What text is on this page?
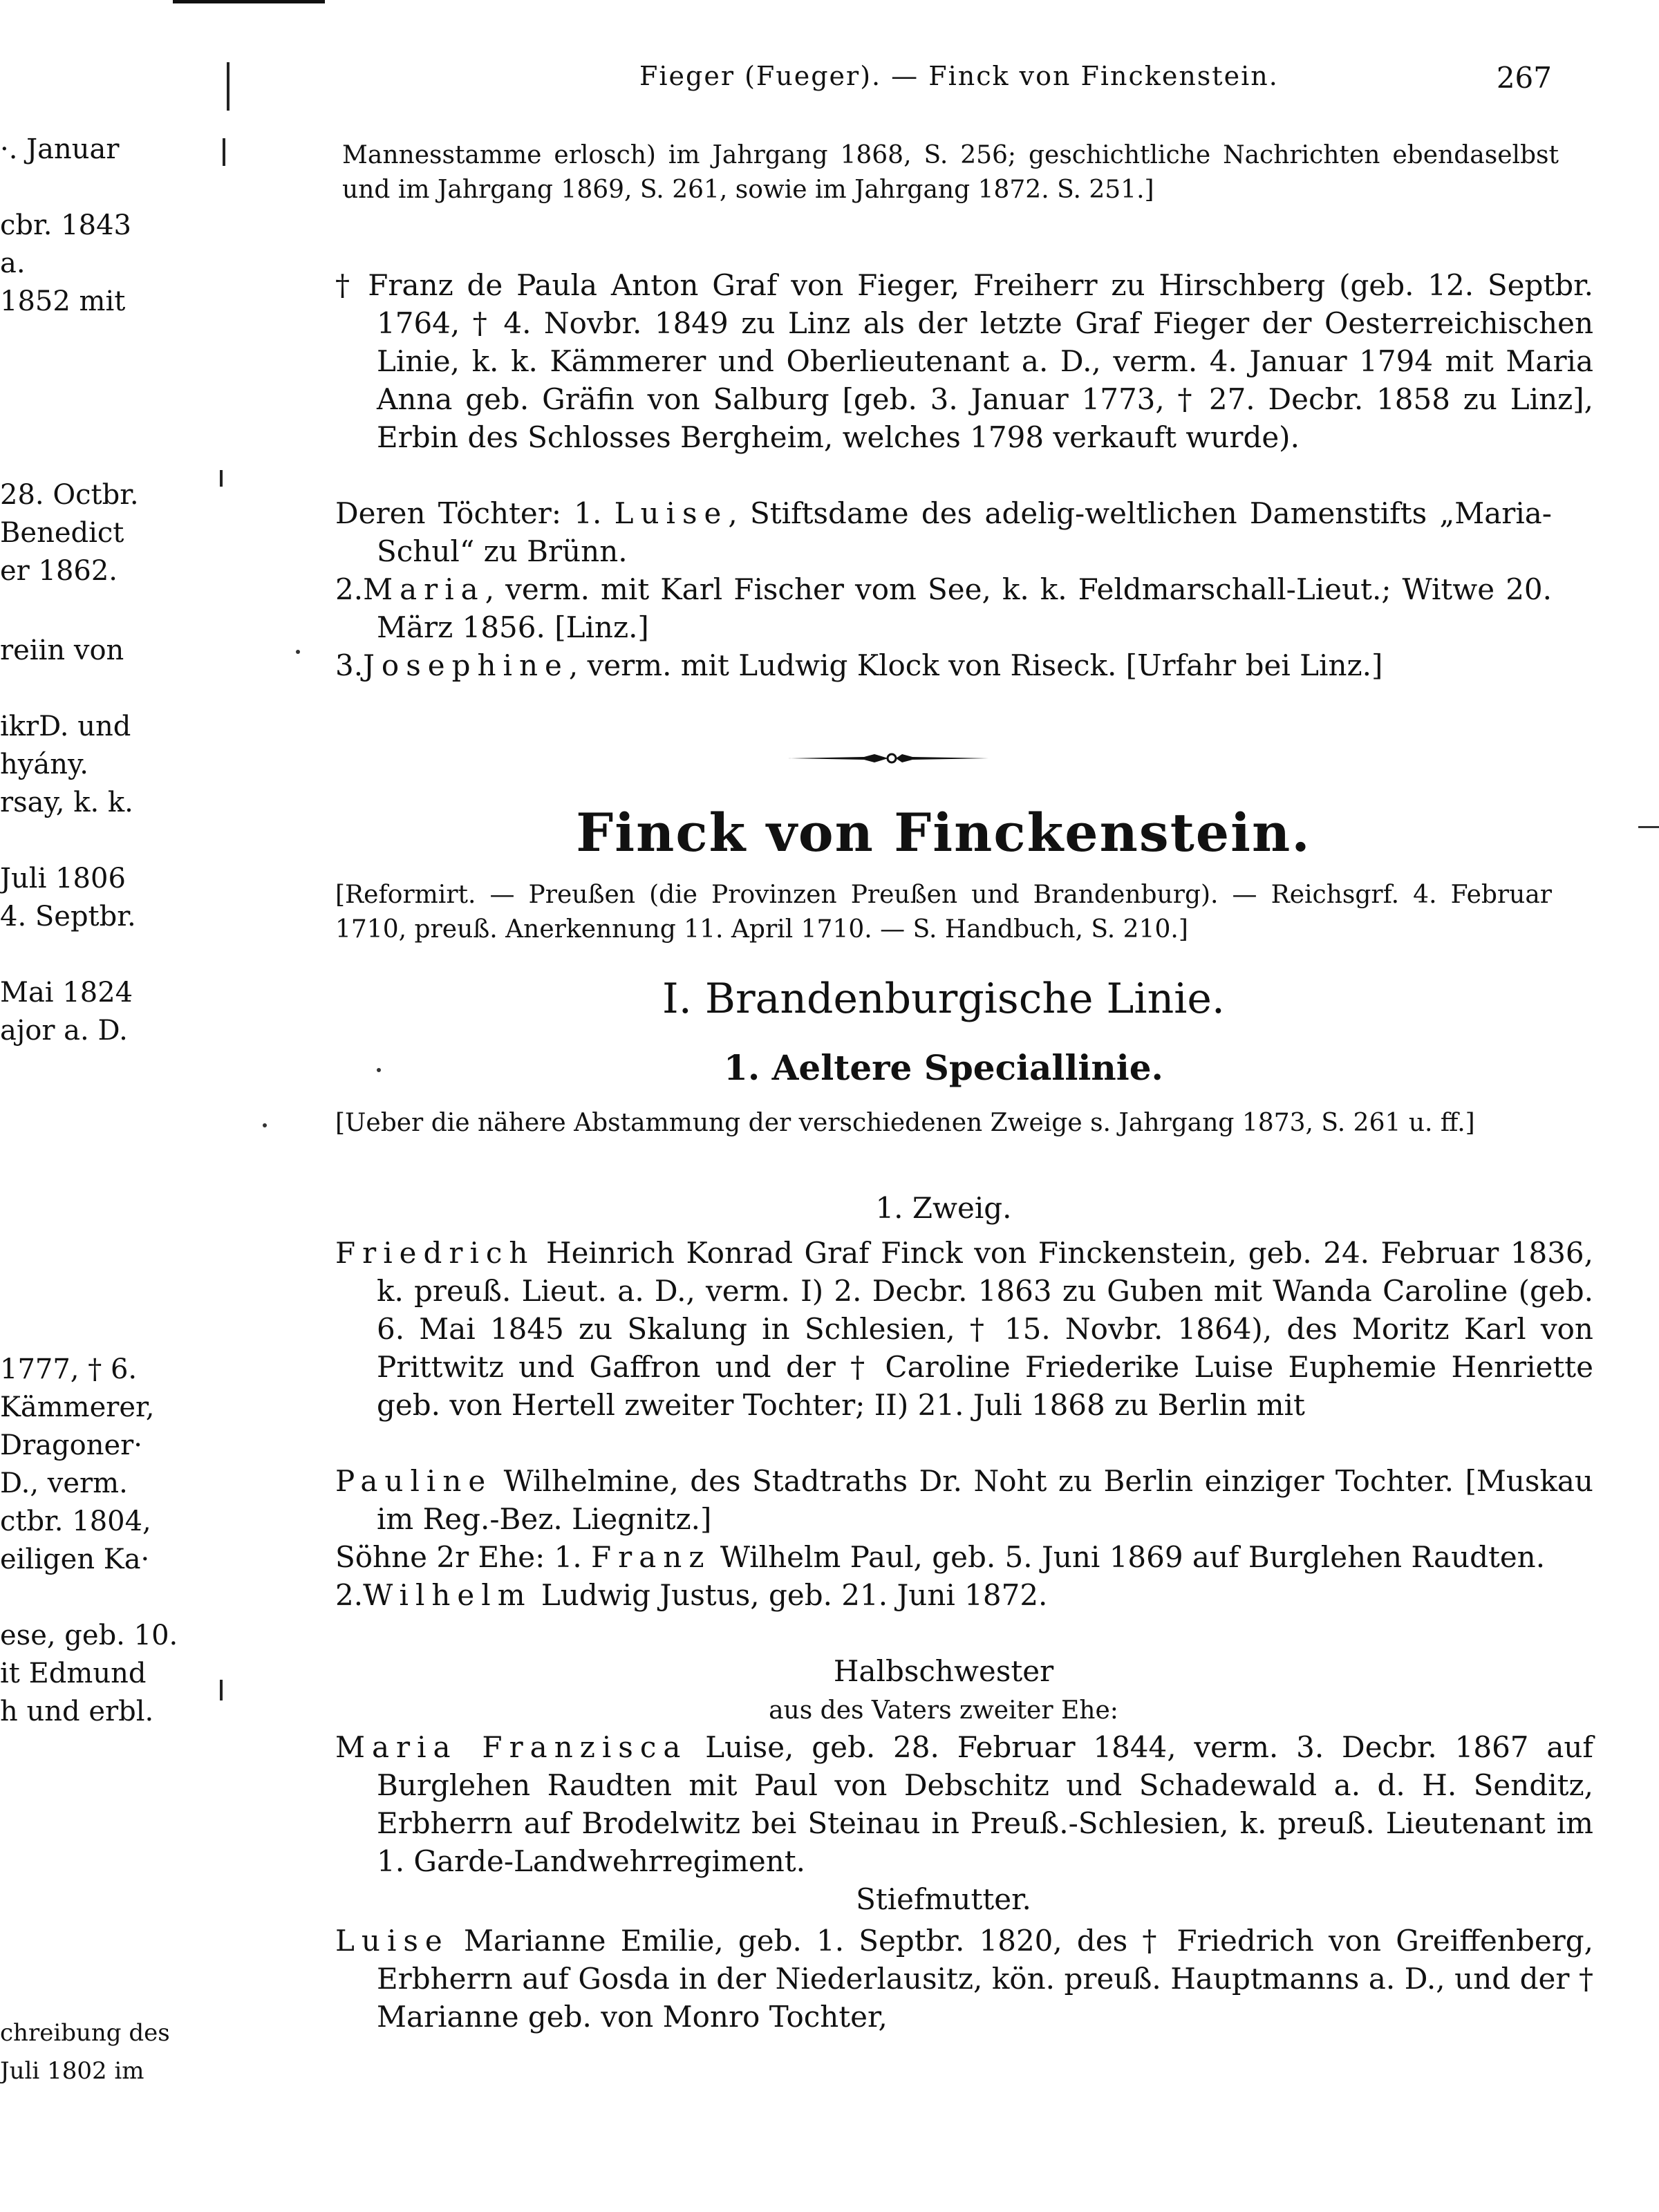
·. Januar
cbr. 1843
a.
1852 mit
28. Octbr.
Benedict
er 1862.
reiin von
ikrD. und
hyány.
rsay, k. k.
Juli 1806
4. Septbr.
Mai 1824
ajor a. D.
1777, † 6.
Kämmerer,
Dragoner·
D., verm.
ctbr. 1804,
eiligen Ka·
ese, geb. 10.
it Edmund
h und erbl.
chreibung des
Juli 1802 im
Fieger (Fueger). — Finck von Finckenstein.	267
Mannesstamme erlosch) im Jahrgang 1868, S. 256; geschichtliche Nachrichten ebendaselbst und im Jahrgang 1869, S. 261, sowie im Jahrgang 1872. S. 251.]
† Franz de Paula Anton Graf von Fieger, Freiherr zu Hirschberg (geb. 12. Septbr. 1764, † 4. Novbr. 1849 zu Linz als der letzte Graf Fieger der Oesterreichischen Linie, k. k. Kämmerer und Oberlieutenant a. D., verm. 4. Januar 1794 mit Maria Anna geb. Gräfin von Salburg [geb. 3. Januar 1773, † 27. Decbr. 1858 zu Linz], Erbin des Schlosses Bergheim, welches 1798 verkauft wurde).
Deren Töchter: 1. Luise, Stiftsdame des adelig-weltlichen Damenstifts „Maria-Schul“ zu Brünn.
2.Maria, verm. mit Karl Fischer vom See, k. k. Feldmarschall-Lieut.; Witwe 20. März 1856. [Linz.]
3.Josephine, verm. mit Ludwig Klock von Riseck. [Urfahr bei Linz.]
Finck von Finckenstein.
[Reformirt. — Preußen (die Provinzen Preußen und Brandenburg). — Reichsgrf. 4. Februar 1710, preuß. Anerkennung 11. April 1710. — S. Handbuch, S. 210.]
I. Brandenburgische Linie.
1. Aeltere Speciallinie.
[Ueber die nähere Abstammung der verschiedenen Zweige s. Jahrgang 1873, S. 261 u. ff.]
1. Zweig.
Friedrich Heinrich Konrad Graf Finck von Finckenstein, geb. 24. Februar 1836, k. preuß. Lieut. a. D., verm. I) 2. Decbr. 1863 zu Guben mit Wanda Caroline (geb. 6. Mai 1845 zu Skalung in Schlesien, † 15. Novbr. 1864), des Moritz Karl von Prittwitz und Gaffron und der † Caroline Friederike Luise Euphemie Henriette geb. von Hertell zweiter Tochter; II) 21. Juli 1868 zu Berlin mit
Pauline Wilhelmine, des Stadtraths Dr. Noht zu Berlin einziger Tochter. [Muskau im Reg.-Bez. Liegnitz.]
Söhne 2r Ehe: 1. Franz Wilhelm Paul, geb. 5. Juni 1869 auf Burglehen Raudten.
2.Wilhelm Ludwig Justus, geb. 21. Juni 1872.
Halbschwester
aus des Vaters zweiter Ehe:
Maria Franzisca Luise, geb. 28. Februar 1844, verm. 3. Decbr. 1867 auf Burglehen Raudten mit Paul von Debschitz und Schadewald a. d. H. Senditz, Erbherrn auf Brodelwitz bei Steinau in Preuß.-Schlesien, k. preuß. Lieutenant im 1. Garde-Landwehrregiment.
Stiefmutter.
Luise Marianne Emilie, geb. 1. Septbr. 1820, des † Friedrich von Greiffenberg, Erbherrn auf Gosda in der Niederlausitz, kön. preuß. Hauptmanns a. D., und der † Marianne geb. von Monro Tochter,
